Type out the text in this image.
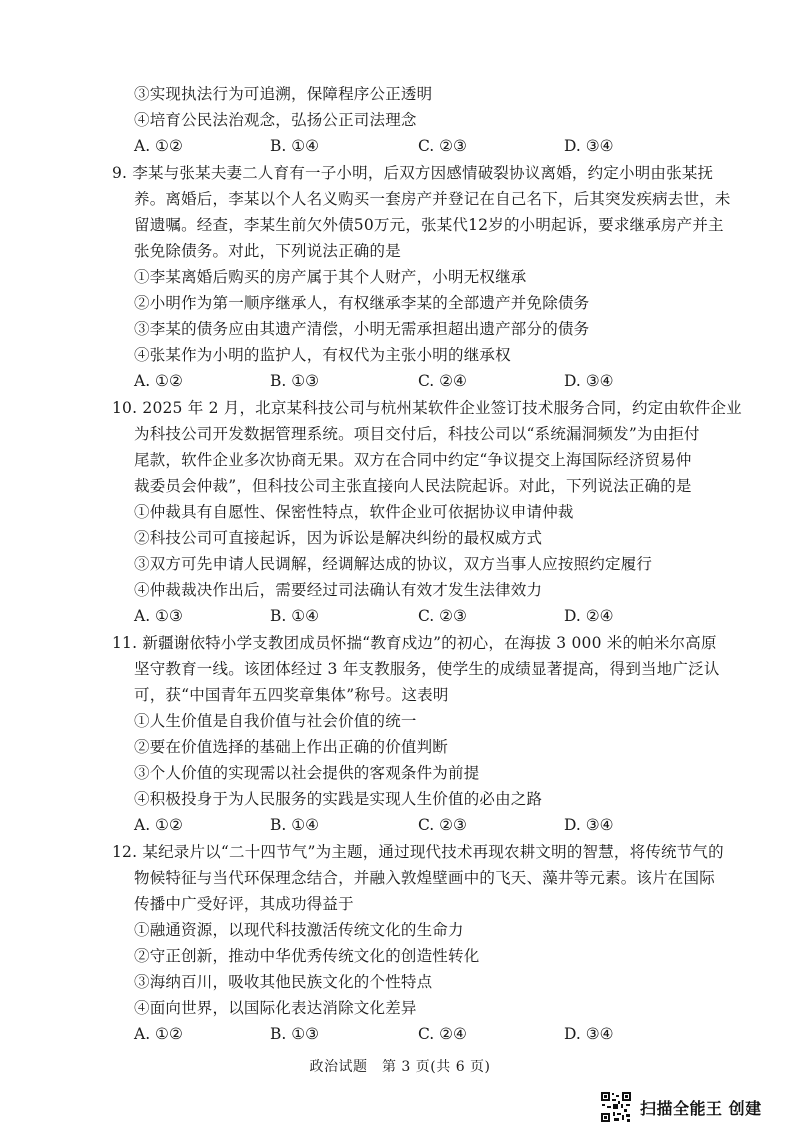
③实现执法行为可追溯，保障程序公正透明
④培育公民法治观念，弘扬公正司法理念
A. ①②	B. ①④	C. ②③	D. ③④
9. 李某与张某夫妻二人育有一子小明，后双方因感情破裂协议离婚，约定小明由张某抚
养。离婚后，李某以个人名义购买一套房产并登记在自己名下，后其突发疾病去世，未
留遗嘱。经查，李某生前欠外债50万元，张某代12岁的小明起诉，要求继承房产并主
张免除债务。对此，下列说法正确的是
①李某离婚后购买的房产属于其个人财产，小明无权继承
②小明作为第一顺序继承人，有权继承李某的全部遗产并免除债务
③李某的债务应由其遗产清偿，小明无需承担超出遗产部分的债务
④张某作为小明的监护人，有权代为主张小明的继承权
A. ①②	B. ①③	C. ②④	D. ③④
10. 2025 年 2 月，北京某科技公司与杭州某软件企业签订技术服务合同，约定由软件企业
为科技公司开发数据管理系统。项目交付后，科技公司以“系统漏洞频发”为由拒付
尾款，软件企业多次协商无果。双方在合同中约定“争议提交上海国际经济贸易仲
裁委员会仲裁”，但科技公司主张直接向人民法院起诉。对此，下列说法正确的是
①仲裁具有自愿性、保密性特点，软件企业可依据协议申请仲裁
②科技公司可直接起诉，因为诉讼是解决纠纷的最权威方式
③双方可先申请人民调解，经调解达成的协议，双方当事人应按照约定履行
④仲裁裁决作出后，需要经过司法确认有效才发生法律效力
A. ①③	B. ①④	C. ②③	D. ②④
11. 新疆谢依特小学支教团成员怀揣“教育戍边”的初心，在海拔 3 000 米的帕米尔高原
坚守教育一线。该团体经过 3 年支教服务，使学生的成绩显著提高，得到当地广泛认
可，获“中国青年五四奖章集体”称号。这表明
①人生价值是自我价值与社会价值的统一
②要在价值选择的基础上作出正确的价值判断
③个人价值的实现需以社会提供的客观条件为前提
④积极投身于为人民服务的实践是实现人生价值的必由之路
A. ①②	B. ①④	C. ②③	D. ③④
12. 某纪录片以“二十四节气”为主题，通过现代技术再现农耕文明的智慧，将传统节气的
物候特征与当代环保理念结合，并融入敦煌壁画中的飞天、藻井等元素。该片在国际
传播中广受好评，其成功得益于
①融通资源，以现代科技激活传统文化的生命力
②守正创新，推动中华优秀传统文化的创造性转化
③海纳百川，吸收其他民族文化的个性特点
④面向世界，以国际化表达消除文化差异
A. ①②	B. ①③	C. ②④	D. ③④
政治试题　第 3 页(共 6 页)
扫描全能王 创建
